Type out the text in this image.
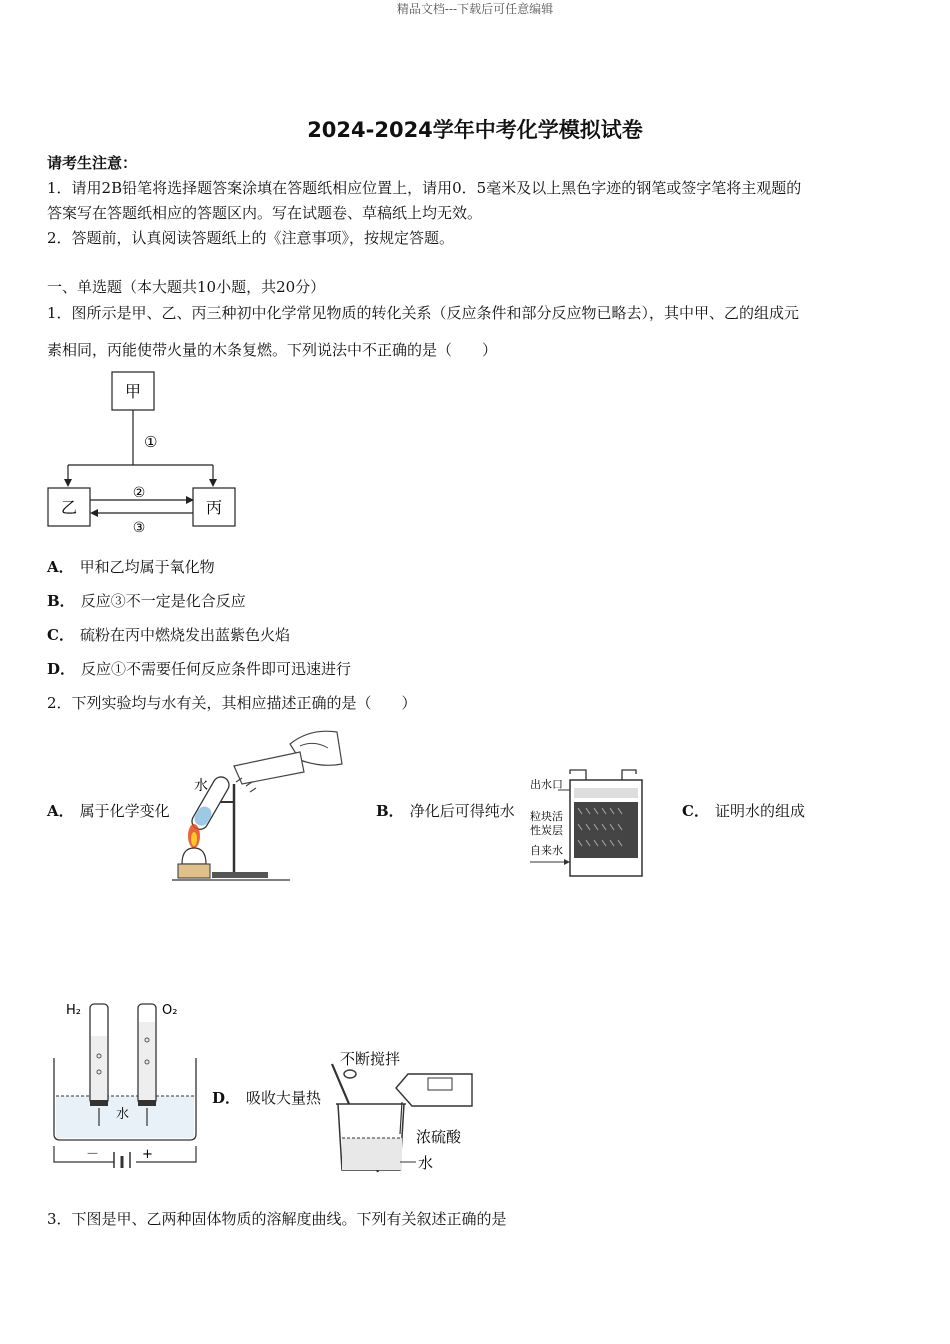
精品文档---下载后可任意编辑
2024-2024学年中考化学模拟试卷
请考生注意：
1．请用2B铅笔将选择题答案涂填在答题纸相应位置上，请用0．5毫米及以上黑色字迹的钢笔或签字笔将主观题的
答案写在答题纸相应的答题区内。写在试题卷、草稿纸上均无效。
2．答题前，认真阅读答题纸上的《注意事项》，按规定答题。
一、单选题（本大题共10小题，共20分）
1．图所示是甲、乙、丙三种初中化学常见物质的转化关系（反应条件和部分反应物已略去），其中甲、乙的组成元
素相同，丙能使带火量的木条复燃。下列说法中不正确的是（　　）
甲
①
乙	丙
②
③
A． 甲和乙均属于氧化物
B． 反应③不一定是化合反应
C． 硫粉在丙中燃烧发出蓝紫色火焰
D． 反应①不需要任何反应条件即可迅速进行
2．下列实验均与水有关，其相应描述正确的是（　　）
A． 属于化学变化
水
B． 净化后可得纯水
出水口
粒块活
性炭层
自来水
C． 证明水的组成
H₂	O₂
水
－	+
D． 吸收大量热
不断搅拌
浓硫酸
水
3．下图是甲、乙两种固体物质的溶解度曲线。下列有关叙述正确的是
